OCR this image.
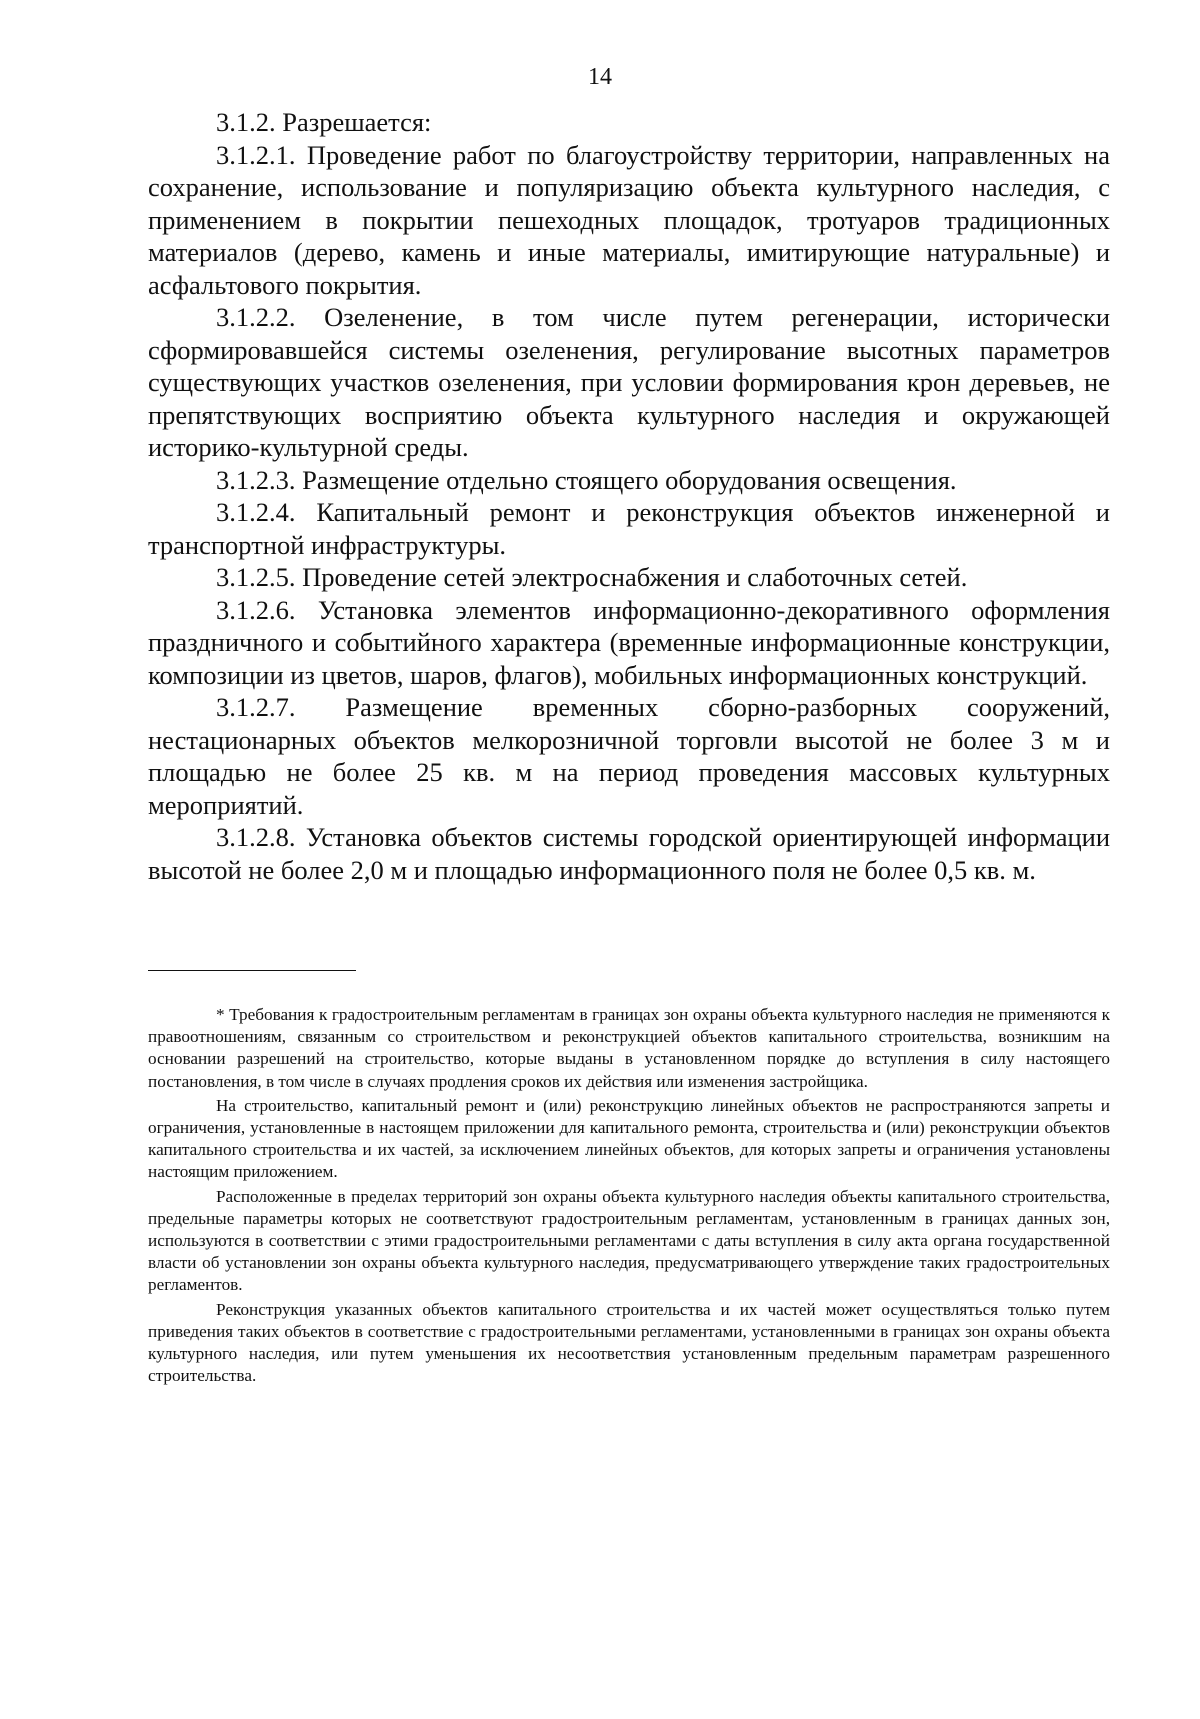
14

3.1.2. Разрешается:

3.1.2.1. Проведение работ по благоустройству территории, направленных на сохранение, использование и популяризацию объекта культурного наследия, с применением в покрытии пешеходных площадок, тротуаров традиционных материалов (дерево, камень и иные материалы, имитирующие натуральные) и асфальтового покрытия.

3.1.2.2. Озеленение, в том числе путем регенерации, исторически сформировавшейся системы озеленения, регулирование высотных параметров существующих участков озеленения, при условии формирования крон деревьев, не препятствующих восприятию объекта культурного наследия и окружающей историко-культурной среды.

3.1.2.3. Размещение отдельно стоящего оборудования освещения.

3.1.2.4. Капитальный ремонт и реконструкция объектов инженерной и транспортной инфраструктуры.

3.1.2.5. Проведение сетей электроснабжения и слаботочных сетей.

3.1.2.6. Установка элементов информационно-декоративного оформления праздничного и событийного характера (временные информационные конструкции, композиции из цветов, шаров, флагов), мобильных информационных конструкций.

3.1.2.7. Размещение временных сборно-разборных сооружений, нестационарных объектов мелкорозничной торговли высотой не более 3 м и площадью не более 25 кв. м на период проведения массовых культурных мероприятий.

3.1.2.8. Установка объектов системы городской ориентирующей информации высотой не более 2,0 м и площадью информационного поля не более 0,5 кв. м.

* Требования к градостроительным регламентам в границах зон охраны объекта культурного наследия не применяются к правоотношениям, связанным со строительством и реконструкцией объектов капитального строительства, возникшим на основании разрешений на строительство, которые выданы в установленном порядке до вступления в силу настоящего постановления, в том числе в случаях продления сроков их действия или изменения застройщика.

На строительство, капитальный ремонт и (или) реконструкцию линейных объектов не распространяются запреты и ограничения, установленные в настоящем приложении для капитального ремонта, строительства и (или) реконструкции объектов капитального строительства и их частей, за исключением линейных объектов, для которых запреты и ограничения установлены настоящим приложением.

Расположенные в пределах территорий зон охраны объекта культурного наследия объекты капитального строительства, предельные параметры которых не соответствуют градостроительным регламентам, установленным в границах данных зон, используются в соответствии с этими градостроительными регламентами с даты вступления в силу акта органа государственной власти об установлении зон охраны объекта культурного наследия, предусматривающего утверждение таких градостроительных регламентов.

Реконструкция указанных объектов капитального строительства и их частей может осуществляться только путем приведения таких объектов в соответствие с градостроительными регламентами, установленными в границах зон охраны объекта культурного наследия, или путем уменьшения их несоответствия установленным предельным параметрам разрешенного строительства.
